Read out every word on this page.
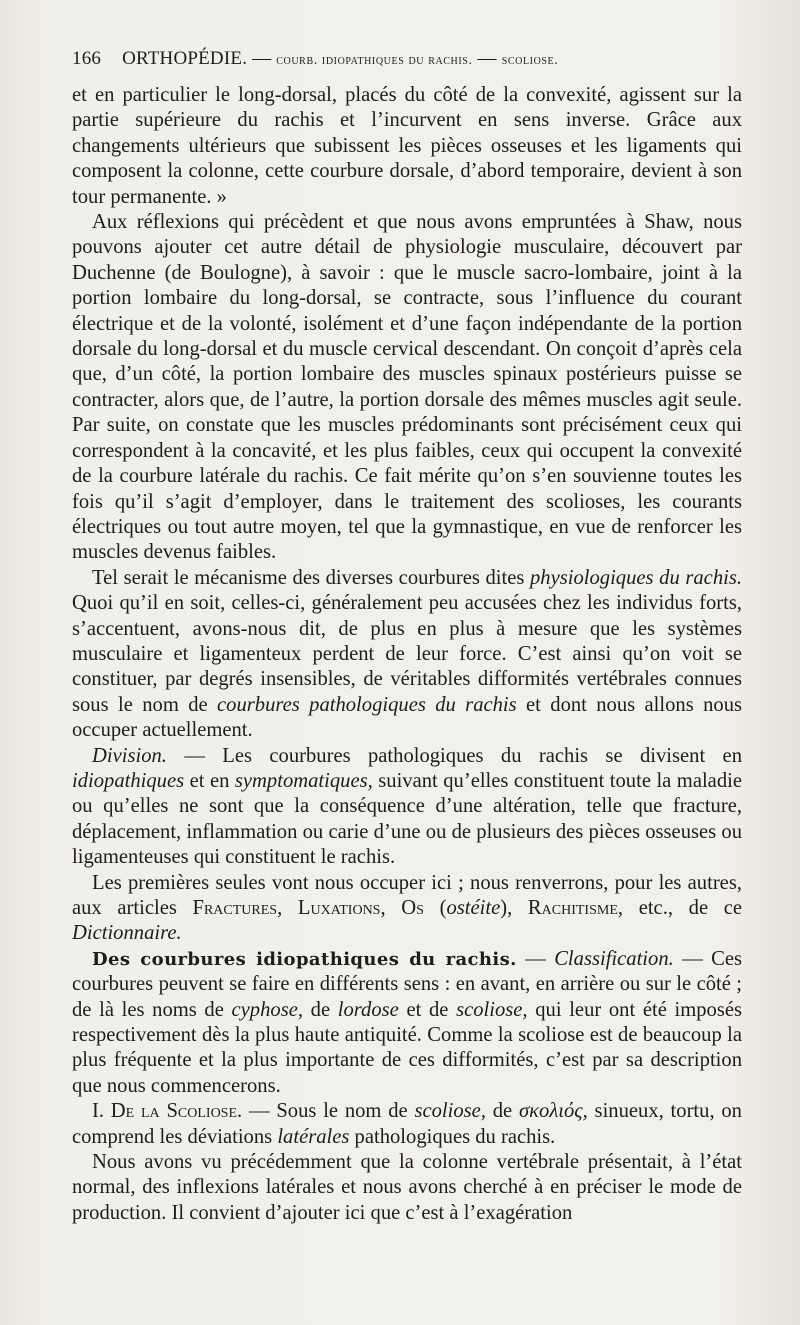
166 ORTHOPÉDIE. — courb. idiopathiques du rachis. — scoliose.

et en particulier le long-dorsal, placés du côté de la convexité, agissent sur la partie supérieure du rachis et l’incurvent en sens inverse. Grâce aux changements ultérieurs que subissent les pièces osseuses et les ligaments qui composent la colonne, cette courbure dorsale, d’abord temporaire, devient à son tour permanente. »

Aux réflexions qui précèdent et que nous avons empruntées à Shaw, nous pouvons ajouter cet autre détail de physiologie musculaire, découvert par Duchenne (de Boulogne), à savoir : que le muscle sacro-lombaire, joint à la portion lombaire du long-dorsal, se contracte, sous l’influence du courant électrique et de la volonté, isolément et d’une façon indépendante de la portion dorsale du long-dorsal et du muscle cervical descendant. On conçoit d’après cela que, d’un côté, la portion lombaire des muscles spinaux postérieurs puisse se contracter, alors que, de l’autre, la portion dorsale des mêmes muscles agit seule. Par suite, on constate que les muscles prédominants sont précisément ceux qui correspondent à la concavité, et les plus faibles, ceux qui occupent la convexité de la courbure latérale du rachis. Ce fait mérite qu’on s’en souvienne toutes les fois qu’il s’agit d’employer, dans le traitement des scolioses, les courants électriques ou tout autre moyen, tel que la gymnastique, en vue de renforcer les muscles devenus faibles.

Tel serait le mécanisme des diverses courbures dites physiologiques du rachis. Quoi qu’il en soit, celles-ci, généralement peu accusées chez les individus forts, s’accentuent, avons-nous dit, de plus en plus à mesure que les systèmes musculaire et ligamenteux perdent de leur force. C’est ainsi qu’on voit se constituer, par degrés insensibles, de véritables difformités vertébrales connues sous le nom de courbures pathologiques du rachis et dont nous allons nous occuper actuellement.

Division. — Les courbures pathologiques du rachis se divisent en idiopathiques et en symptomatiques, suivant qu’elles constituent toute la maladie ou qu’elles ne sont que la conséquence d’une altération, telle que fracture, déplacement, inflammation ou carie d’une ou de plusieurs des pièces osseuses ou ligamenteuses qui constituent le rachis.

Les premières seules vont nous occuper ici ; nous renverrons, pour les autres, aux articles Fractures, Luxations, Os (ostéite), Rachitisme, etc., de ce Dictionnaire.

Des courbures idiopathiques du rachis. — Classification. — Ces courbures peuvent se faire en différents sens : en avant, en arrière ou sur le côté ; de là les noms de cyphose, de lordose et de scoliose, qui leur ont été imposés respectivement dès la plus haute antiquité. Comme la scoliose est de beaucoup la plus fréquente et la plus importante de ces difformités, c’est par sa description que nous commencerons.

I. De la Scoliose. — Sous le nom de scoliose, de σκολιός, sinueux, tortu, on comprend les déviations latérales pathologiques du rachis.

Nous avons vu précédemment que la colonne vertébrale présentait, à l’état normal, des inflexions latérales et nous avons cherché à en préciser le mode de production. Il convient d’ajouter ici que c’est à l’exagération
